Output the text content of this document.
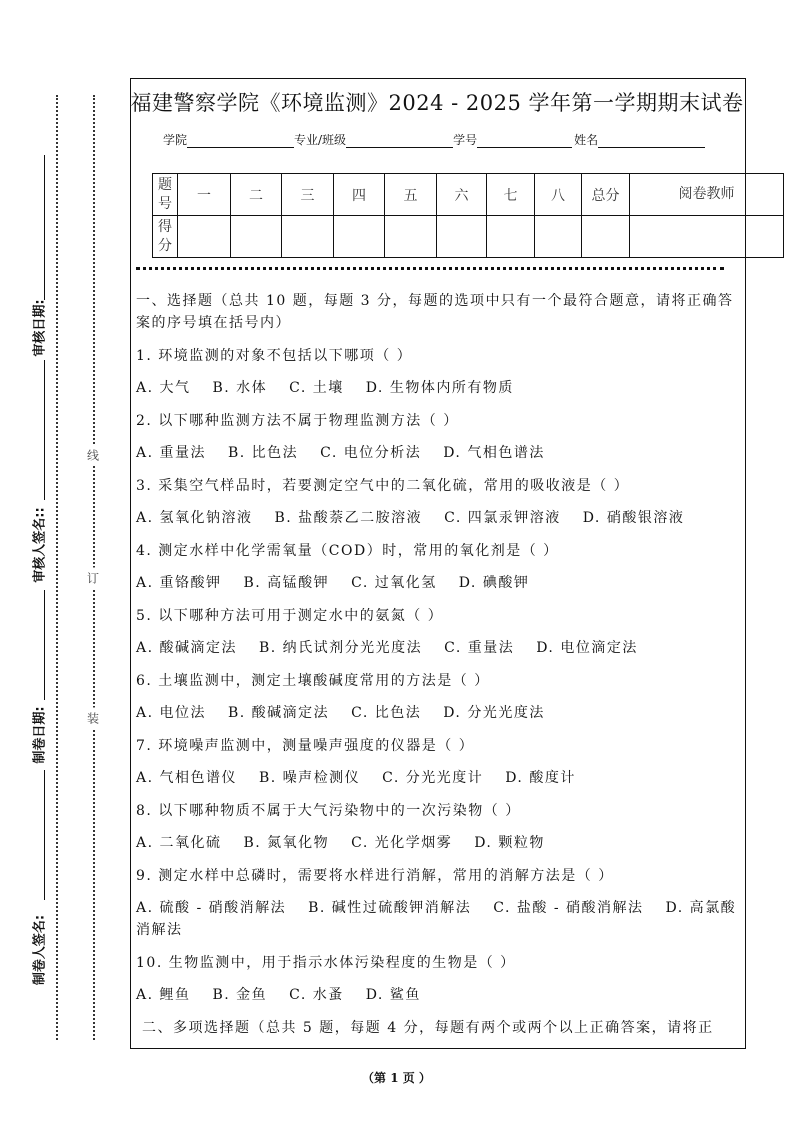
审核日期:
审核人签名::
制卷日期:
制卷人签名:
线
订
装
福建警察学院《环境监测》2024 - 2025 学年第一学期期末试卷
学院	专业/班级	学号	姓名
题号	一	二	三	四	五	六	七	八	总分	阅卷教师
得分										
一、选择题（总共 10 题，每题 3 分，每题的选项中只有一个最符合题意，请将正确答案的序号填在括号内）
1. 环境监测的对象不包括以下哪项（ ）
A. 大气 B. 水体 C. 土壤 D. 生物体内所有物质
2. 以下哪种监测方法不属于物理监测方法（ ）
A. 重量法 B. 比色法 C. 电位分析法 D. 气相色谱法
3. 采集空气样品时，若要测定空气中的二氧化硫，常用的吸收液是（ ）
A. 氢氧化钠溶液 B. 盐酸萘乙二胺溶液 C. 四氯汞钾溶液 D. 硝酸银溶液
4. 测定水样中化学需氧量（COD）时，常用的氧化剂是（ ）
A. 重铬酸钾 B. 高锰酸钾 C. 过氧化氢 D. 碘酸钾
5. 以下哪种方法可用于测定水中的氨氮（ ）
A. 酸碱滴定法 B. 纳氏试剂分光光度法 C. 重量法 D. 电位滴定法
6. 土壤监测中，测定土壤酸碱度常用的方法是（ ）
A. 电位法 B. 酸碱滴定法 C. 比色法 D. 分光光度法
7. 环境噪声监测中，测量噪声强度的仪器是（ ）
A. 气相色谱仪 B. 噪声检测仪 C. 分光光度计 D. 酸度计
8. 以下哪种物质不属于大气污染物中的一次污染物（ ）
A. 二氧化硫 B. 氮氧化物 C. 光化学烟雾 D. 颗粒物
9. 测定水样中总磷时，需要将水样进行消解，常用的消解方法是（ ）
A. 硫酸 - 硝酸消解法 B. 碱性过硫酸钾消解法 C. 盐酸 - 硝酸消解法 D. 高氯酸消解法
10. 生物监测中，用于指示水体污染程度的生物是（ ）
A. 鲤鱼 B. 金鱼 C. 水蚤 D. 鲨鱼
二、多项选择题（总共 5 题，每题 4 分，每题有两个或两个以上正确答案，请将正
（第 1 页 ）
